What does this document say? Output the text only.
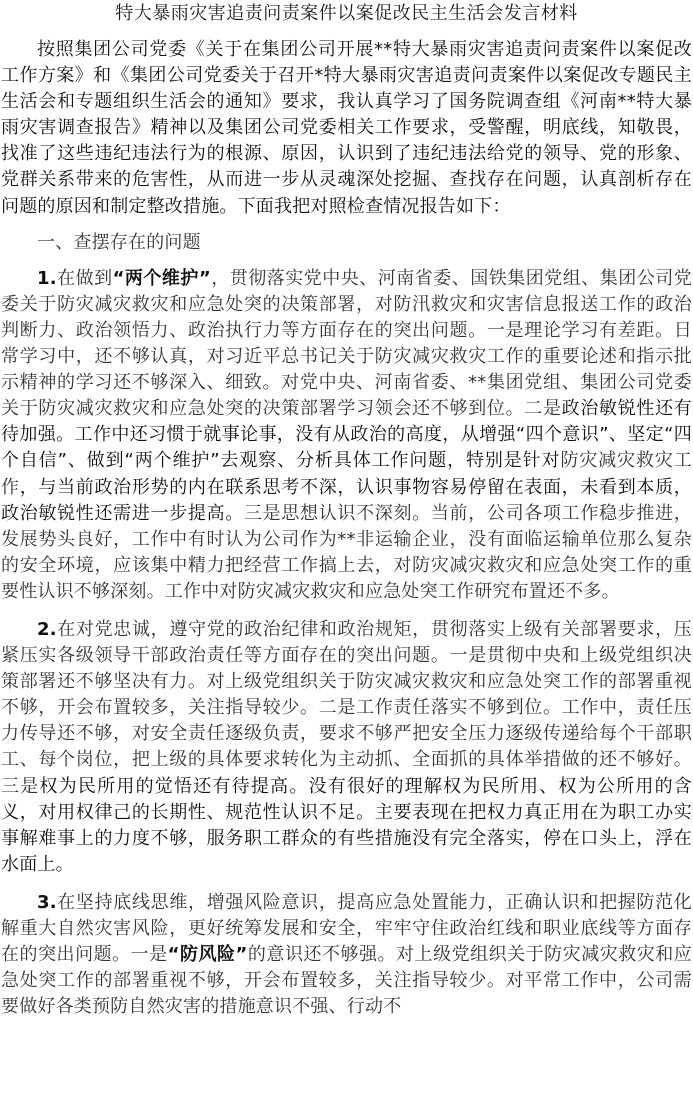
特大暴雨灾害追责问责案件以案促改民主生活会发言材料

按照集团公司党委《关于在集团公司开展**特大暴雨灾害追责问责案件以案促改工作方案》和《集团公司党委关于召开*特大暴雨灾害追责问责案件以案促改专题民主生活会和专题组织生活会的通知》要求，我认真学习了国务院调查组《河南**特大暴雨灾害调查报告》精神以及集团公司党委相关工作要求，受警醒，明底线，知敬畏，找准了这些违纪违法行为的根源、原因，认识到了违纪违法给党的领导、党的形象、党群关系带来的危害性，从而进一步从灵魂深处挖掘、查找存在问题，认真剖析存在问题的原因和制定整改措施。下面我把对照检查情况报告如下：

一、查摆存在的问题

1.在做到“两个维护”，贯彻落实党中央、河南省委、国铁集团党组、集团公司党委关于防灾减灾救灾和应急处突的决策部署，对防汛救灾和灾害信息报送工作的政治判断力、政治领悟力、政治执行力等方面存在的突出问题。一是理论学习有差距。日常学习中，还不够认真，对习近平总书记关于防灾减灾救灾工作的重要论述和指示批示精神的学习还不够深入、细致。对党中央、河南省委、**集团党组、集团公司党委关于防灾减灾救灾和应急处突的决策部署学习领会还不够到位。二是政治敏锐性还有待加强。工作中还习惯于就事论事，没有从政治的高度，从增强“四个意识”、坚定“四个自信”、做到“两个维护”去观察、分析具体工作问题，特别是针对防灾减灾救灾工作，与当前政治形势的内在联系思考不深，认识事物容易停留在表面，未看到本质，政治敏锐性还需进一步提高。三是思想认识不深刻。当前，公司各项工作稳步推进，发展势头良好，工作中有时认为公司作为**非运输企业，没有面临运输单位那么复杂的安全环境，应该集中精力把经营工作搞上去，对防灾减灾救灾和应急处突工作的重要性认识不够深刻。工作中对防灾减灾救灾和应急处突工作研究布置还不多。

2.在对党忠诚，遵守党的政治纪律和政治规矩，贯彻落实上级有关部署要求，压紧压实各级领导干部政治责任等方面存在的突出问题。一是贯彻中央和上级党组织决策部署还不够坚决有力。对上级党组织关于防灾减灾救灾和应急处突工作的部署重视不够，开会布置较多，关注指导较少。二是工作责任落实不够到位。工作中，责任压力传导还不够，对安全责任逐级负责，要求不够严把安全压力逐级传递给每个干部职工、每个岗位，把上级的具体要求转化为主动抓、全面抓的具体举措做的还不够好。三是权为民所用的觉悟还有待提高。没有很好的理解权为民所用、权为公所用的含义，对用权律己的长期性、规范性认识不足。主要表现在把权力真正用在为职工办实事解难事上的力度不够，服务职工群众的有些措施没有完全落实，停在口头上，浮在水面上。

3.在坚持底线思维，增强风险意识，提高应急处置能力，正确认识和把握防范化解重大自然灾害风险，更好统筹发展和安全，牢牢守住政治红线和职业底线等方面存在的突出问题。一是“防风险”的意识还不够强。对上级党组织关于防灾减灾救灾和应急处突工作的部署重视不够，开会布置较多，关注指导较少。对平常工作中，公司需要做好各类预防自然灾害的措施意识不强、行动不
